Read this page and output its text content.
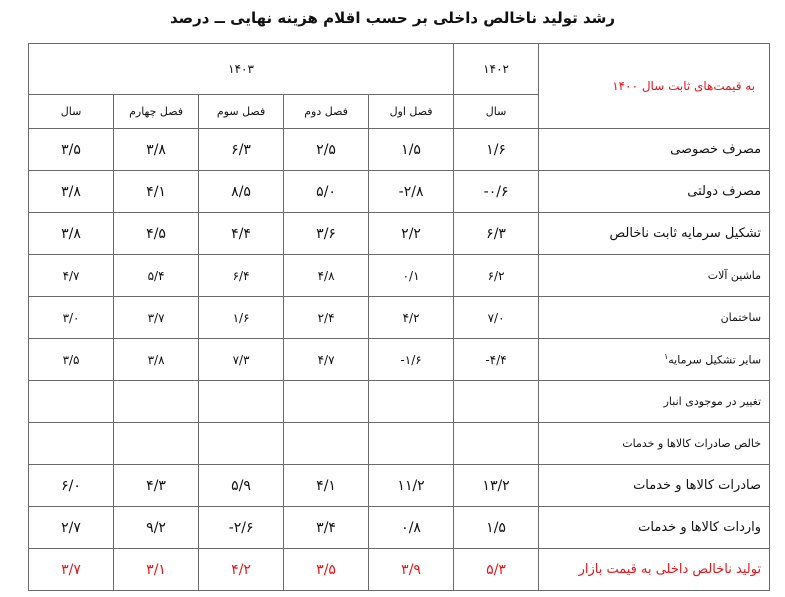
رشد تولید ناخالص داخلی بر حسب اقلام هزینه نهایی ــ درصد
به قیمت‌های ثابت سال ۱۴۰۰	۱۴۰۲	۱۴۰۳				
	سال	فصل اول	فصل دوم	فصل سوم	فصل چهارم	سال
مصرف خصوصی	۱/۶	۱/۵	۲/۵	۶/۳	۳/۸	۳/۵
مصرف دولتی	۰/۶-	۲/۸-	۵/۰	۸/۵	۴/۱	۳/۸
تشکیل سرمایه ثابت ناخالص	۶/۳	۲/۲	۳/۶	۴/۴	۴/۵	۳/۸
ماشین آلات	۶/۲	۰/۱	۴/۸	۶/۴	۵/۴	۴/۷
ساختمان	۷/۰	۴/۲	۲/۴	۱/۶	۳/۷	۳/۰
سایر تشکیل سرمایه$^۱$	۴/۴-	۱/۶-	۴/۷	۷/۳	۳/۸	۳/۵
تغییر در موجودی انبار						
خالص صادرات کالاها و خدمات						
صادرات کالاها و خدمات	۱۳/۲	۱۱/۲	۴/۱	۵/۹	۴/۳	۶/۰
واردات کالاها و خدمات	۱/۵	۰/۸	۳/۴	۲/۶-	۹/۲	۲/۷
تولید ناخالص داخلی به قیمت بازار	۵/۳	۳/۹	۳/۵	۴/۲	۳/۱	۳/۷
